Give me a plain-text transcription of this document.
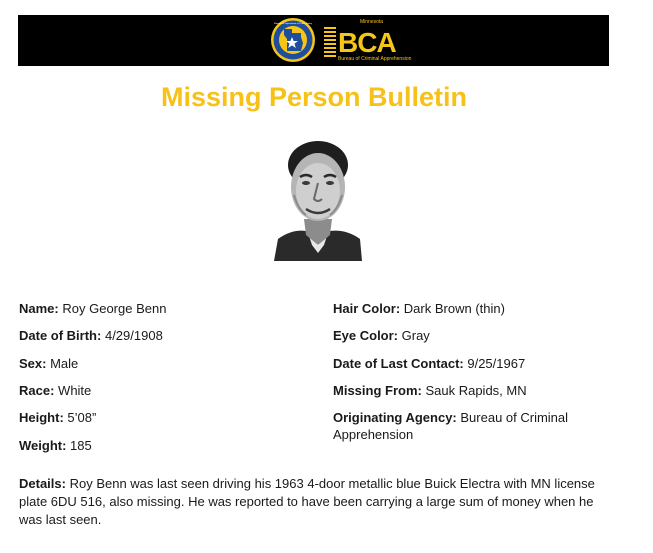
Minnesota Department of Public Safety	Minnesota
BCA
Bureau of Criminal Apprehension
Missing Person Bulletin
Name: Roy George Benn
Date of Birth: 4/29/1908
Sex: Male
Race: White
Height: 5’08”
Weight: 185
Hair Color: Dark Brown (thin)
Eye Color: Gray
Date of Last Contact: 9/25/1967
Missing From: Sauk Rapids, MN
Originating Agency: Bureau of Criminal Apprehension
Details: Roy Benn was last seen driving his 1963 4-door metallic blue Buick Electra with MN license plate 6DU 516, also missing. He was reported to have been carrying a large sum of money when he was last seen.
